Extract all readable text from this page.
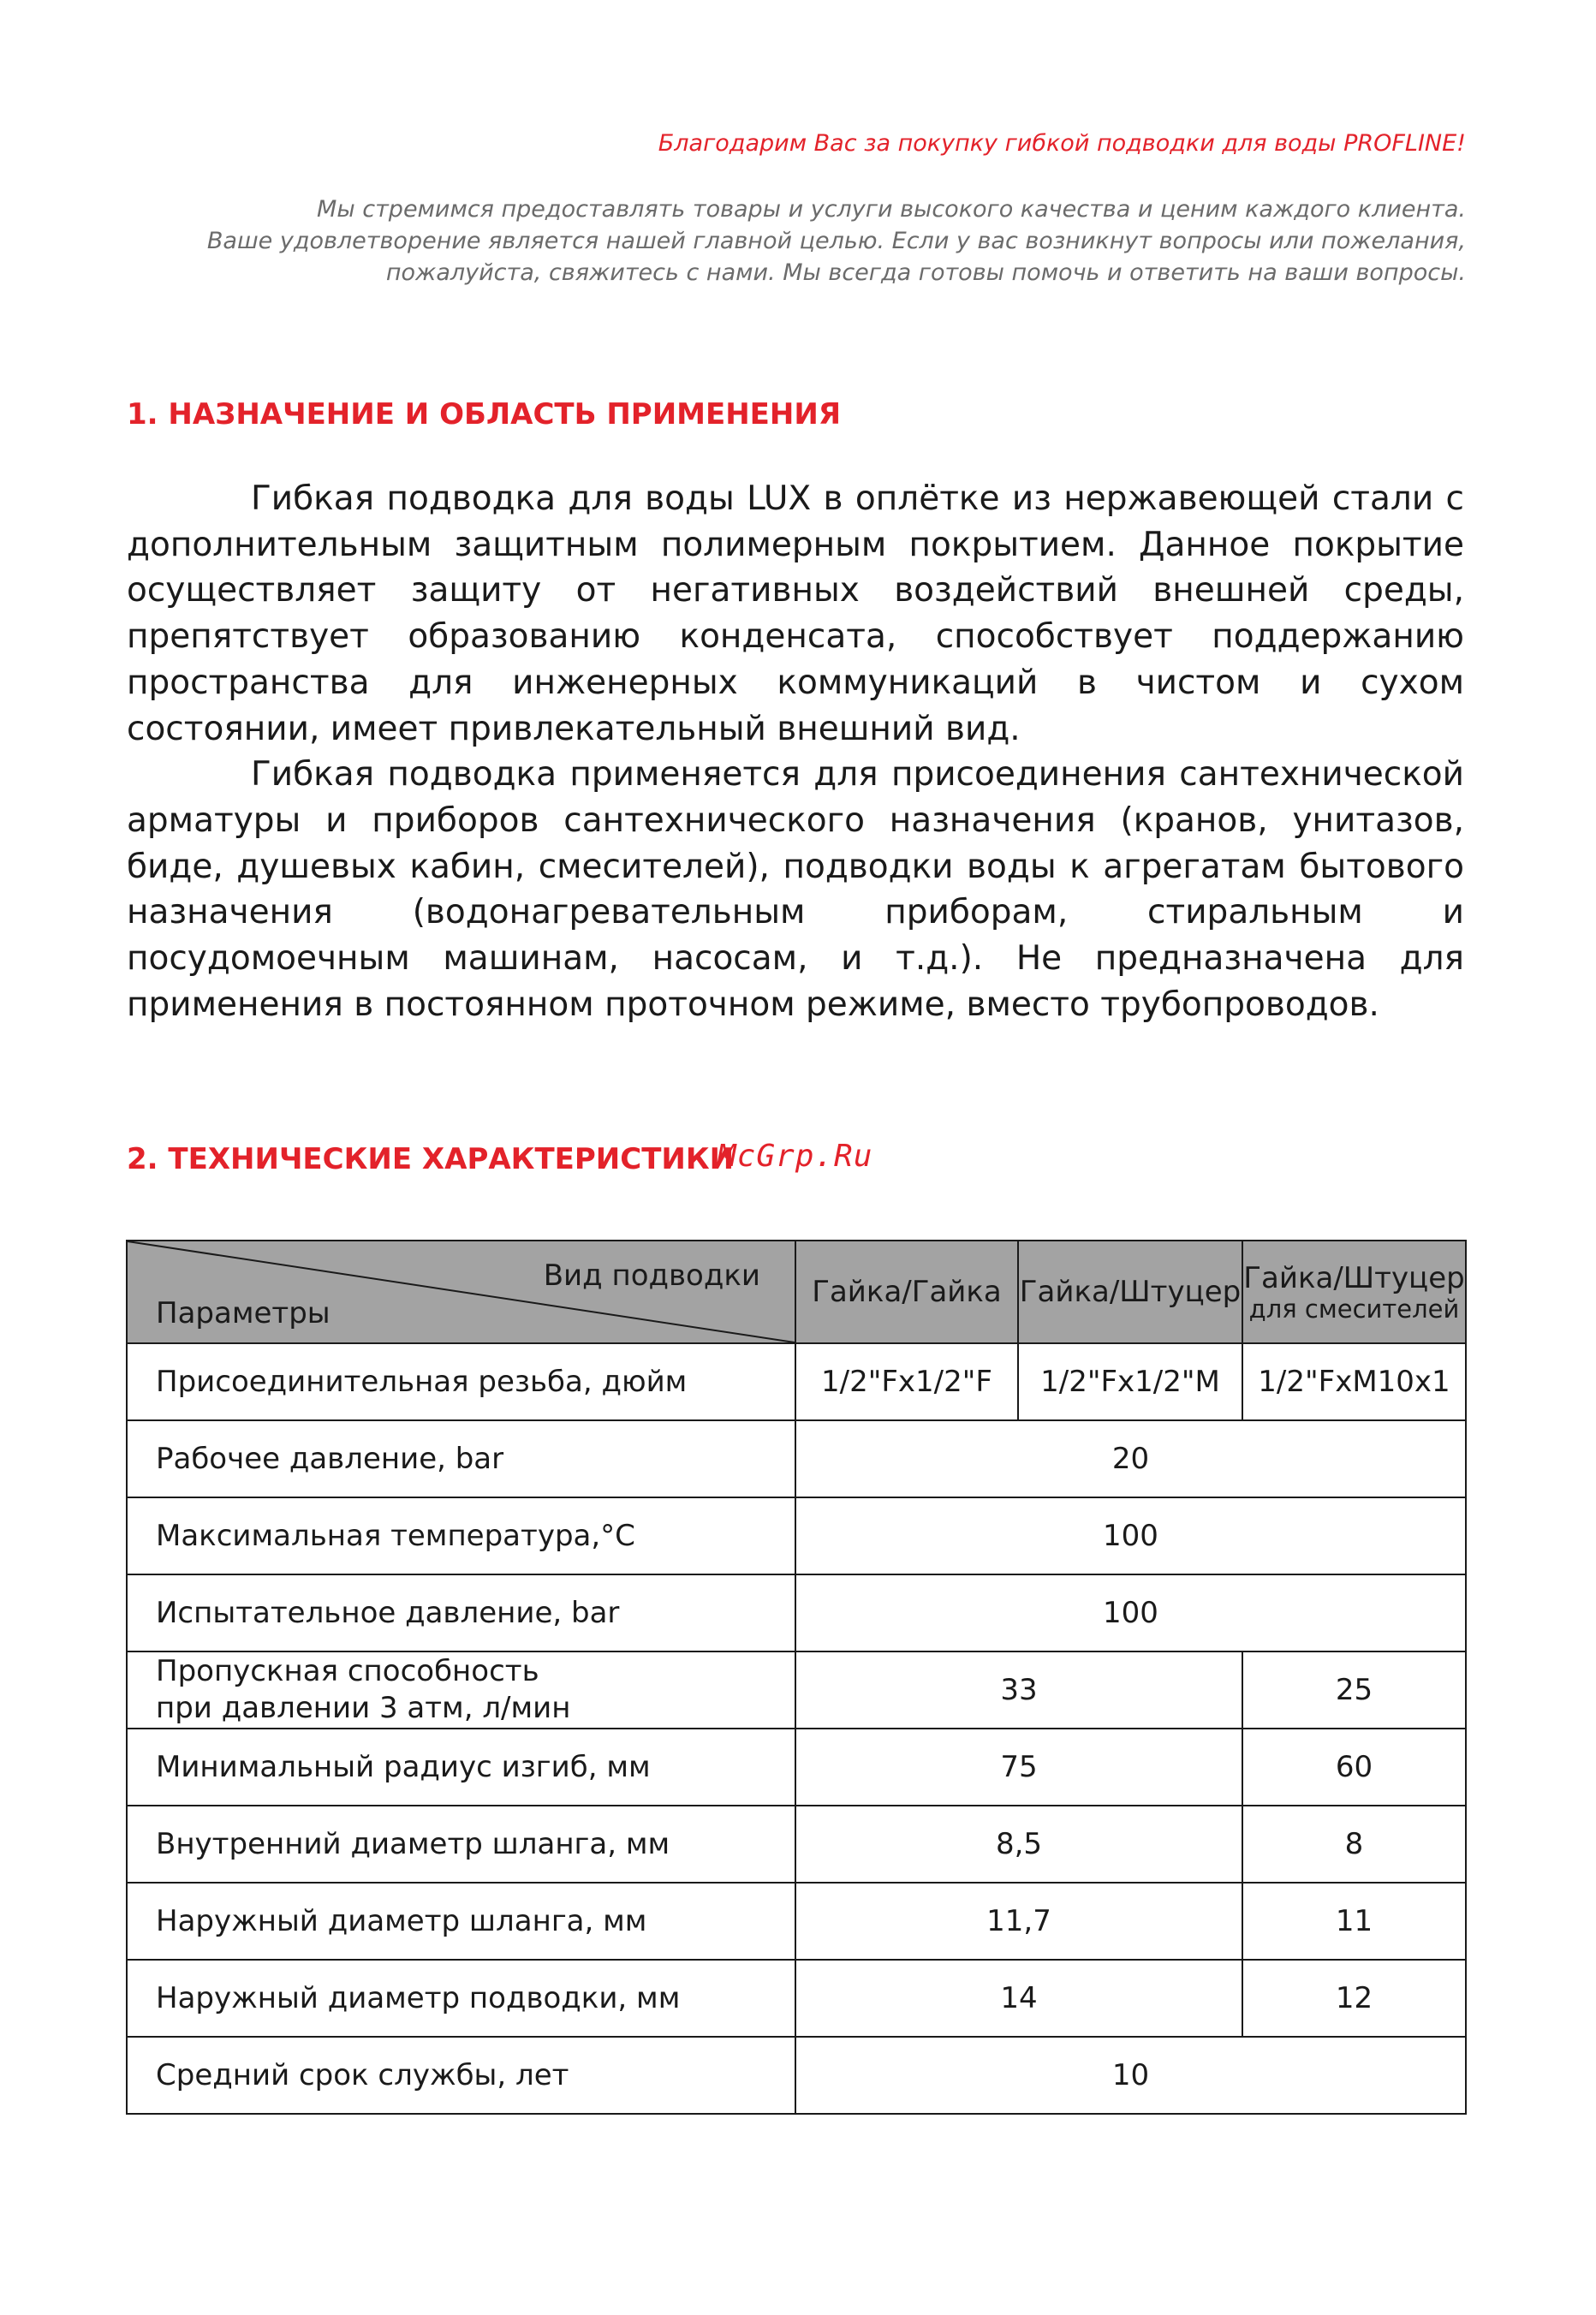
Благодарим Вас за покупку гибкой подводки для воды PROFLINE!
Мы стремимся предоставлять товары и услуги высокого качества и ценим каждого клиента.
Ваше удовлетворение является нашей главной целью. Если у вас возникнут вопросы или пожелания,
пожалуйста, свяжитесь с нами. Мы всегда готовы помочь и ответить на ваши вопросы.
1. НАЗНАЧЕНИЕ И ОБЛАСТЬ ПРИМЕНЕНИЯ

Гибкая подводка для воды LUX в оплётке из нержавеющей стали с дополнительным защитным полимерным покрытием. Данное покрытие осуществляет защиту от негативных воздействий внешней среды, препятствует образованию конденсата, способствует поддержанию пространства для инженерных коммуникаций в чистом и сухом состоянии, имеет привлекательный внешний вид.

Гибкая подводка применяется для присоединения сантехнической арматуры и приборов сантехнического назначения (кранов, унитазов, биде, душевых кабин, смесителей), подводки воды к агрегатам бытового назначения (водонагревательным приборам, стиральным и посудомоечным машинам, насосам, и т.д.). Не предназначена для применения в постоянном проточном режиме, вместо трубопроводов.

2. ТЕХНИЧЕСКИЕ ХАРАКТЕРИСТИКИ
McGrp.Ru
Вид подводки
Параметры	Гайка/Гайка	Гайка/Штуцер	Гайка/Штуцер
для смесителей

Присоединительная резьба, дюйм	1/2"Fx1/2"F	1/2"Fx1/2"M	1/2"FxM10x1
Рабочее давление, bar	20		
Максимальная температура,°С	100		
Испытательное давление, bar	100		
Пропускная способность
при давлении 3 атм, л/мин	33		25
Минимальный радиус изгиб, мм	75		60
Внутренний диаметр шланга, мм	8,5		8
Наружный диаметр шланга, мм	11,7		11
Наружный диаметр подводки, мм	14		12
Средний срок службы, лет	10		
